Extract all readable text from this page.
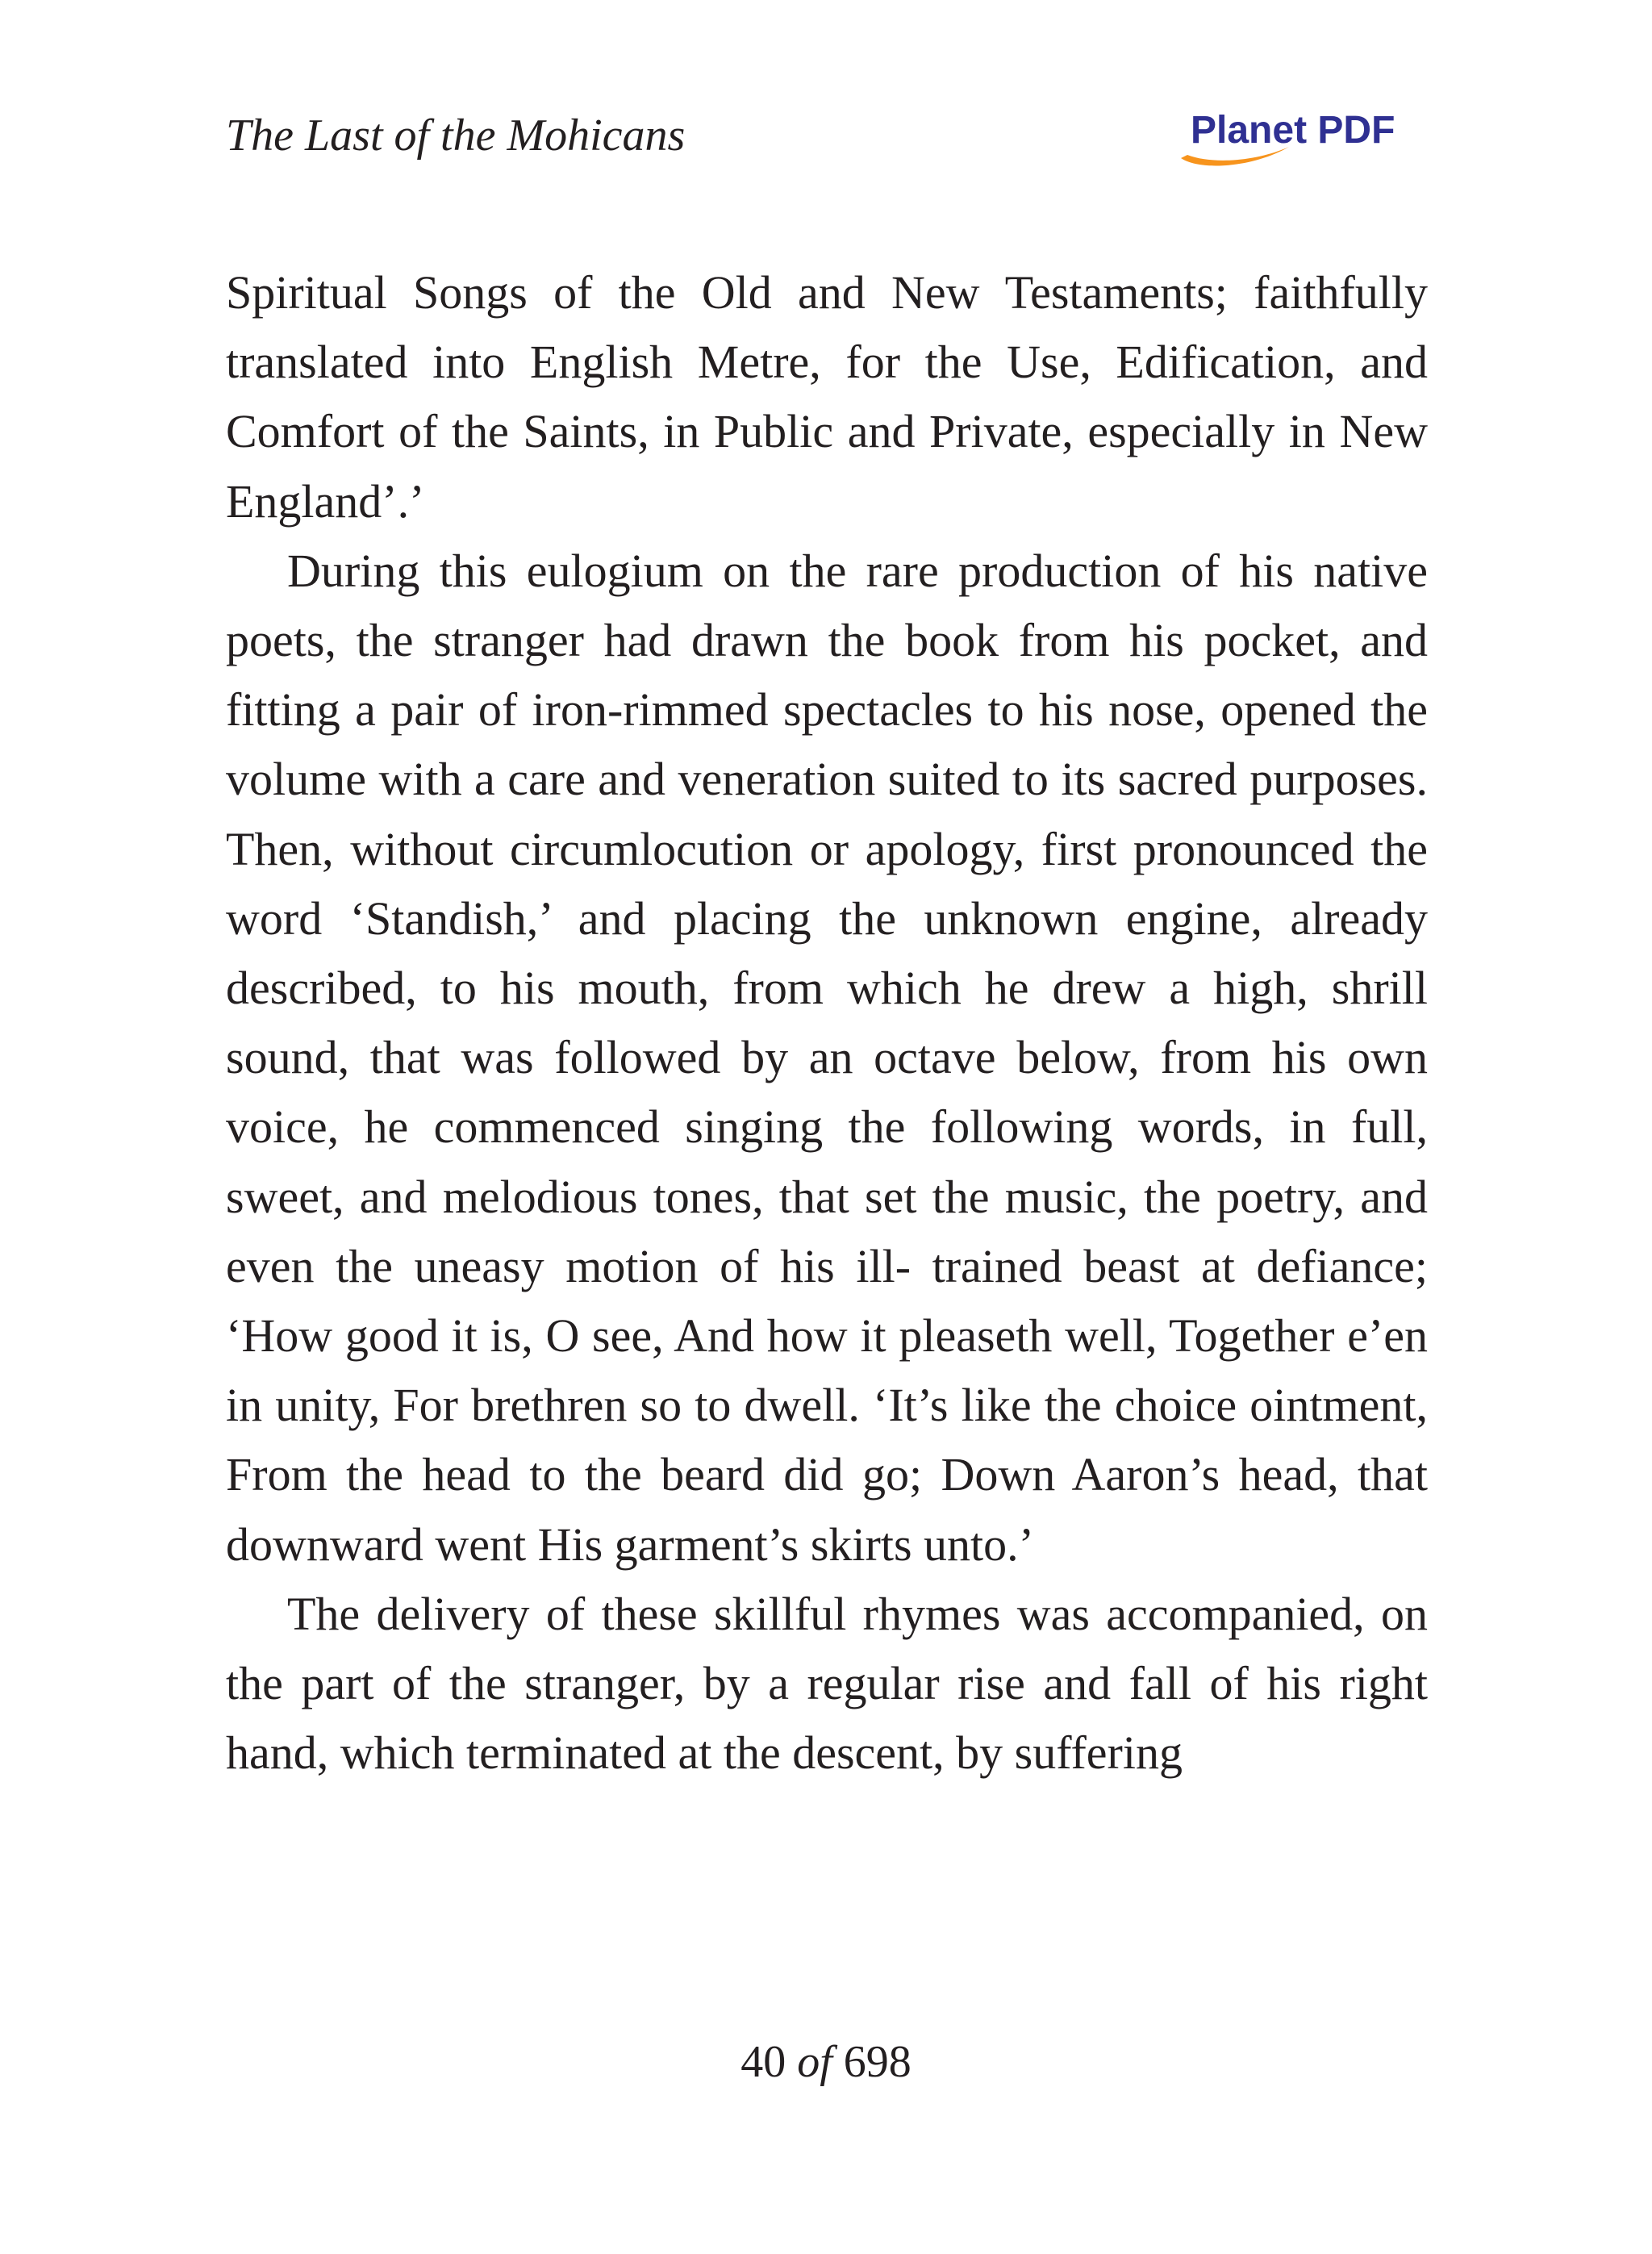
The Last of the Mohicans	Planet PDF

Spiritual Songs of the Old and New Testaments; faithfully translated into English Metre, for the Use, Edification, and Comfort of the Saints, in Public and Private, especially in New England’.’

During this eulogium on the rare production of his native poets, the stranger had drawn the book from his pocket, and fitting a pair of iron-rimmed spectacles to his nose, opened the volume with a care and veneration suited to its sacred purposes. Then, without circumlocution or apology, first pronounced the word ‘Standish,’ and placing the unknown engine, already described, to his mouth, from which he drew a high, shrill sound, that was followed by an octave below, from his own voice, he commenced singing the following words, in full, sweet, and melodious tones, that set the music, the poetry, and even the uneasy motion of his ill- trained beast at defiance; ‘How good it is, O see, And how it pleaseth well, Together e’en in unity, For brethren so to dwell. ‘It’s like the choice ointment, From the head to the beard did go; Down Aaron’s head, that downward went His garment’s skirts unto.’

The delivery of these skillful rhymes was accompanied, on the part of the stranger, by a regular rise and fall of his right hand, which terminated at the descent, by suffering

40 of 698
